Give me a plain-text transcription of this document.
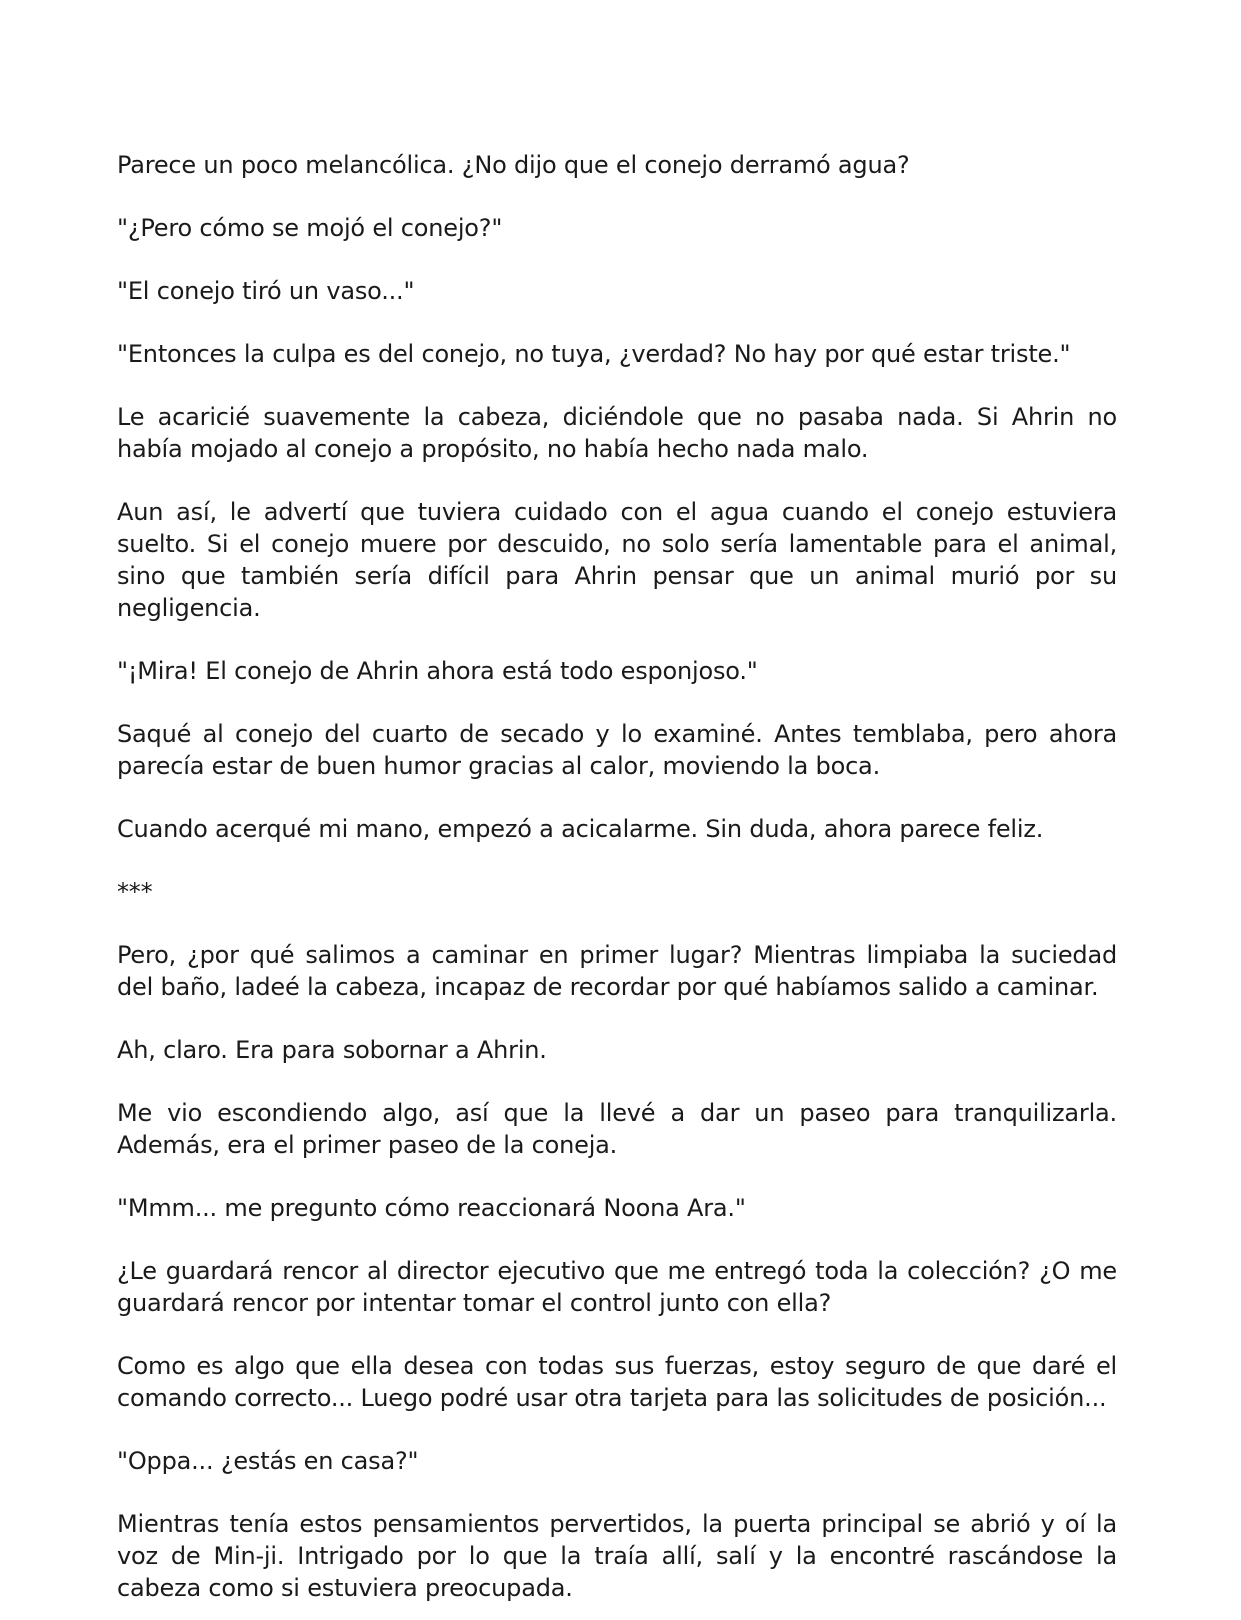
Parece un poco melancólica. ¿No dijo que el conejo derramó agua?

"¿Pero cómo se mojó el conejo?"

"El conejo tiró un vaso..."

"Entonces la culpa es del conejo, no tuya, ¿verdad? No hay por qué estar triste."

Le acaricié suavemente la cabeza, diciéndole que no pasaba nada. Si Ahrin no había mojado al conejo a propósito, no había hecho nada malo.

Aun así, le advertí que tuviera cuidado con el agua cuando el conejo estuviera suelto. Si el conejo muere por descuido, no solo sería lamentable para el animal, sino que también sería difícil para Ahrin pensar que un animal murió por su negligencia.

"¡Mira! El conejo de Ahrin ahora está todo esponjoso."

Saqué al conejo del cuarto de secado y lo examiné. Antes temblaba, pero ahora parecía estar de buen humor gracias al calor, moviendo la boca.

Cuando acerqué mi mano, empezó a acicalarme. Sin duda, ahora parece feliz.

***

Pero, ¿por qué salimos a caminar en primer lugar? Mientras limpiaba la suciedad del baño, ladeé la cabeza, incapaz de recordar por qué habíamos salido a caminar.

Ah, claro. Era para sobornar a Ahrin.

Me vio escondiendo algo, así que la llevé a dar un paseo para tranquilizarla. Además, era el primer paseo de la coneja.

"Mmm... me pregunto cómo reaccionará Noona Ara."

¿Le guardará rencor al director ejecutivo que me entregó toda la colección? ¿O me guardará rencor por intentar tomar el control junto con ella?

Como es algo que ella desea con todas sus fuerzas, estoy seguro de que daré el comando correcto... Luego podré usar otra tarjeta para las solicitudes de posición...

"Oppa... ¿estás en casa?"

Mientras tenía estos pensamientos pervertidos, la puerta principal se abrió y oí la voz de Min-ji. Intrigado por lo que la traía allí, salí y la encontré rascándose la cabeza como si estuviera preocupada.
